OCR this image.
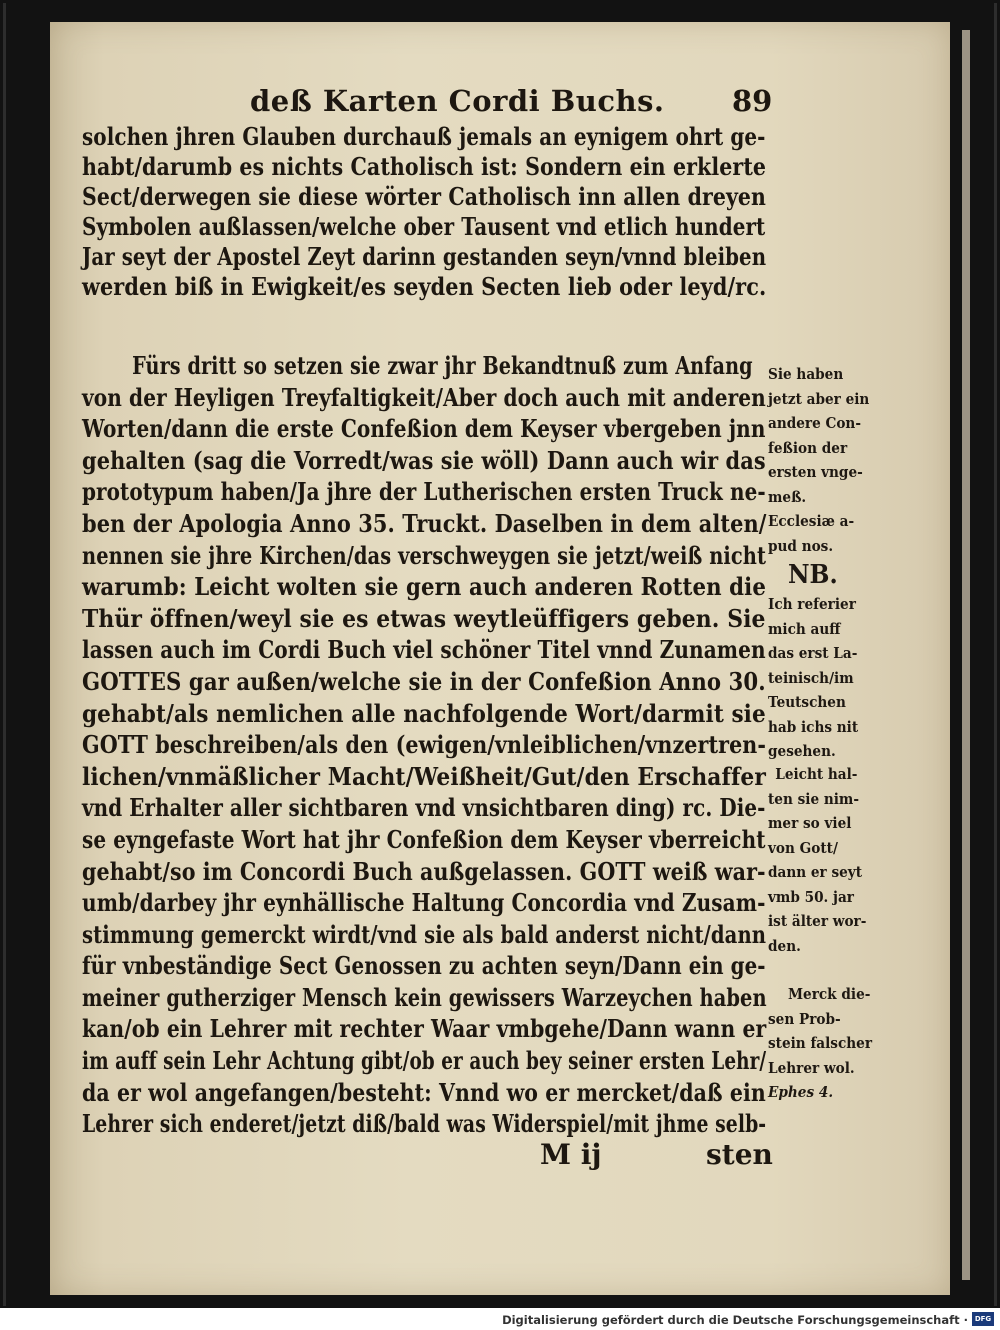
deß Karten Cordi Buchs. 89
solchen jhren Glauben durchauß jemals an eynigem ohrt ge-
habt/darumb es nichts Catholisch ist: Sondern ein erklerte
Sect/derwegen sie diese wörter Catholisch inn allen dreyen
Symbolen außlassen/welche ober Tausent vnd etlich hundert
Jar seyt der Apostel Zeyt darinn gestanden seyn/vnnd bleiben
werden biß in Ewigkeit/es seyden Secten lieb oder leyd/rc.
Fürs dritt so setzen sie zwar jhr Bekandtnuß zum Anfang
von der Heyligen Treyfaltigkeit/Aber doch auch mit anderen
Worten/dann die erste Confeßion dem Keyser vbergeben jnn
gehalten (sag die Vorredt/was sie wöll) Dann auch wir das
prototypum haben/Ja jhre der Lutherischen ersten Truck ne-
ben der Apologia Anno 35. Truckt. Daselben in dem alten/
nennen sie jhre Kirchen/das verschweygen sie jetzt/weiß nicht
warumb: Leicht wolten sie gern auch anderen Rotten die
Thür öffnen/weyl sie es etwas weytleüffigers geben. Sie
lassen auch im Cordi Buch viel schöner Titel vnnd Zunamen
GOTTES gar außen/welche sie in der Confeßion Anno 30.
gehabt/als nemlichen alle nachfolgende Wort/darmit sie
GOTT beschreiben/als den (ewigen/vnleiblichen/vnzertren-
lichen/vnmäßlicher Macht/Weißheit/Gut/den Erschaffer
vnd Erhalter aller sichtbaren vnd vnsichtbaren ding) rc. Die-
se eyngefaste Wort hat jhr Confeßion dem Keyser vberreicht
gehabt/so im Concordi Buch außgelassen. GOTT weiß war-
umb/darbey jhr eynhällische Haltung Concordia vnd Zusam-
stimmung gemerckt wirdt/vnd sie als bald anderst nicht/dann
für vnbeständige Sect Genossen zu achten seyn/Dann ein ge-
meiner gutherziger Mensch kein gewissers Warzeychen haben
kan/ob ein Lehrer mit rechter Waar vmbgehe/Dann wann er
im auff sein Lehr Achtung gibt/ob er auch bey seiner ersten Lehr/
da er wol angefangen/besteht: Vnnd wo er mercket/daß ein
Lehrer sich enderet/jetzt diß/bald was Widerspiel/mit jhme selb-
Sie haben
jetzt aber ein
andere Con-
feßion der
ersten vnge-
meß.
Ecclesiæ a-
pud nos.
NB.
Ich referier
mich auff
das erst La-
teinisch/im
Teutschen
hab ichs nit
gesehen.
Leicht hal-
ten sie nim-
mer so viel
von Gott/
dann er seyt
vmb 50. jar
ist älter wor-
den.
Merck die-
sen Prob-
stein falscher
Lehrer wol.
Ephes 4.
M ij	sten
Digitalisierung gefördert durch die Deutsche Forschungsgemeinschaft · DFG
